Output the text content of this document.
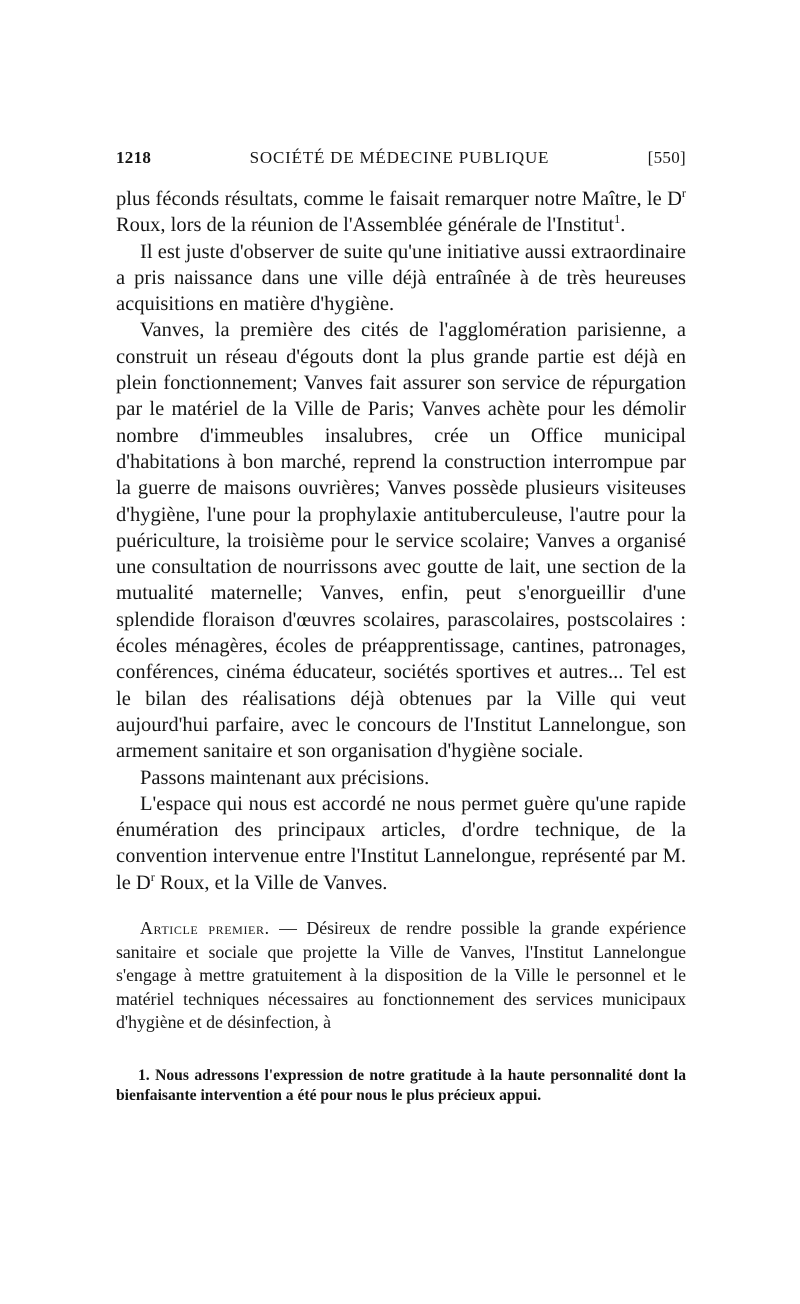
1218	SOCIÉTÉ DE MÉDECINE PUBLIQUE	[550]

plus féconds résultats, comme le faisait remarquer notre Maître, le $D^r$ Roux, lors de la réunion de l'Assemblée générale de l'Institut$^1$.

Il est juste d'observer de suite qu'une initiative aussi extraordinaire a pris naissance dans une ville déjà entraînée à de très heureuses acquisitions en matière d'hygiène.

Vanves, la première des cités de l'agglomération parisienne, a construit un réseau d'égouts dont la plus grande partie est déjà en plein fonctionnement; Vanves fait assurer son service de répurgation par le matériel de la Ville de Paris; Vanves achète pour les démolir nombre d'immeubles insalubres, crée un Office municipal d'habitations à bon marché, reprend la construction interrompue par la guerre de maisons ouvrières; Vanves possède plusieurs visiteuses d'hygiène, l'une pour la prophylaxie antituberculeuse, l'autre pour la puériculture, la troisième pour le service scolaire; Vanves a organisé une consultation de nourrissons avec goutte de lait, une section de la mutualité maternelle; Vanves, enfin, peut s'enorgueillir d'une splendide floraison d'œuvres scolaires, parascolaires, postscolaires : écoles ménagères, écoles de préapprentissage, cantines, patronages, conférences, cinéma éducateur, sociétés sportives et autres... Tel est le bilan des réalisations déjà obtenues par la Ville qui veut aujourd'hui parfaire, avec le concours de l'Institut Lannelongue, son armement sanitaire et son organisation d'hygiène sociale.

Passons maintenant aux précisions.

L'espace qui nous est accordé ne nous permet guère qu'une rapide énumération des principaux articles, d'ordre technique, de la convention intervenue entre l'Institut Lannelongue, représenté par M. le $D^r$ Roux, et la Ville de Vanves.

Article premier. — Désireux de rendre possible la grande expérience sanitaire et sociale que projette la Ville de Vanves, l'Institut Lannelongue s'engage à mettre gratuitement à la disposition de la Ville le personnel et le matériel techniques nécessaires au fonctionnement des services municipaux d'hygiène et de désinfection, à
1. Nous adressons l'expression de notre gratitude à la haute personnalité dont la bienfaisante intervention a été pour nous le plus précieux appui.
